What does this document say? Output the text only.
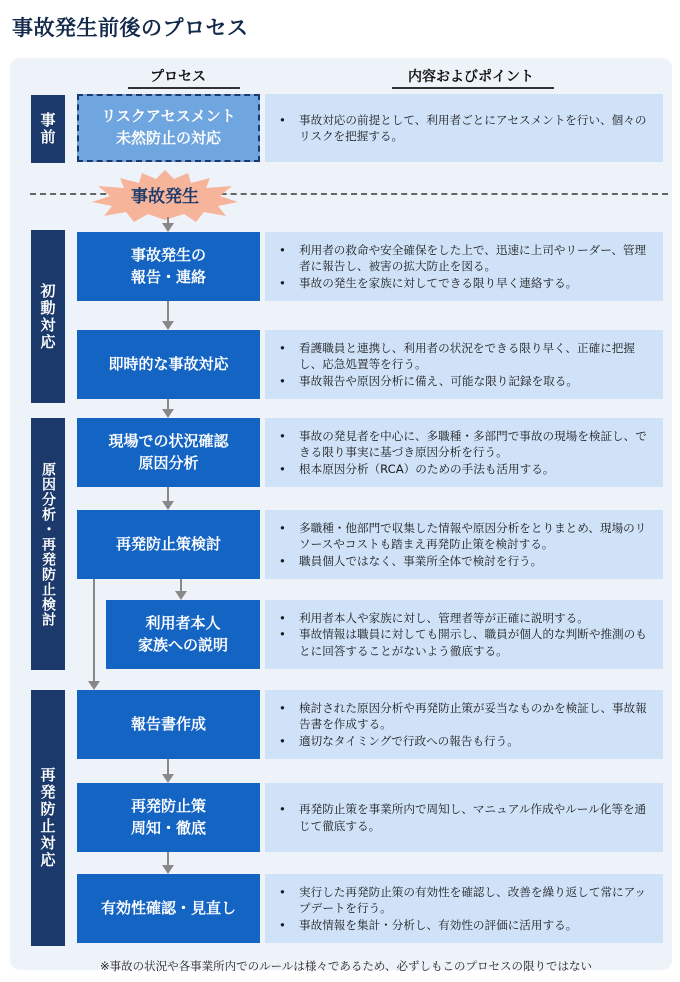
事故発生前後のプロセス
プロセス	内容およびポイント
事前
初動対応
原因分析・再発防止検討
再発防止対応
事故発生
リスクアセスメント
未然防止の対応
事故発生の
報告・連絡
即時的な事故対応
現場での状況確認
原因分析
再発防止策検討
利用者本人
家族への説明
報告書作成
再発防止策
周知・徹底
有効性確認・見直し
• 事故対応の前提として、利用者ごとにアセスメントを行い、個々のリスクを把握する。
• 利用者の救命や安全確保をした上で、迅速に上司やリーダー、管理者に報告し、被害の拡大防止を図る。
• 事故の発生を家族に対してできる限り早く連絡する。
• 看護職員と連携し、利用者の状況をできる限り早く、正確に把握し、応急処置等を行う。
• 事故報告や原因分析に備え、可能な限り記録を取る。
• 事故の発見者を中心に、多職種・多部門で事故の現場を検証し、できる限り事実に基づき原因分析を行う。
• 根本原因分析（RCA）のための手法も活用する。
• 多職種・他部門で収集した情報や原因分析をとりまとめ、現場のリソースやコストも踏まえ再発防止策を検討する。
• 職員個人ではなく、事業所全体で検討を行う。
• 利用者本人や家族に対し、管理者等が正確に説明する。
• 事故情報は職員に対しても開示し、職員が個人的な判断や推測のもとに回答することがないよう徹底する。
• 検討された原因分析や再発防止策が妥当なものかを検証し、事故報告書を作成する。
• 適切なタイミングで行政への報告も行う。
• 再発防止策を事業所内で周知し、マニュアル作成やルール化等を通じて徹底する。
• 実行した再発防止策の有効性を確認し、改善を繰り返して常にアップデートを行う。
• 事故情報を集計・分析し、有効性の評価に活用する。
※事故の状況や各事業所内でのルールは様々であるため、必ずしもこのプロセスの限りではない
